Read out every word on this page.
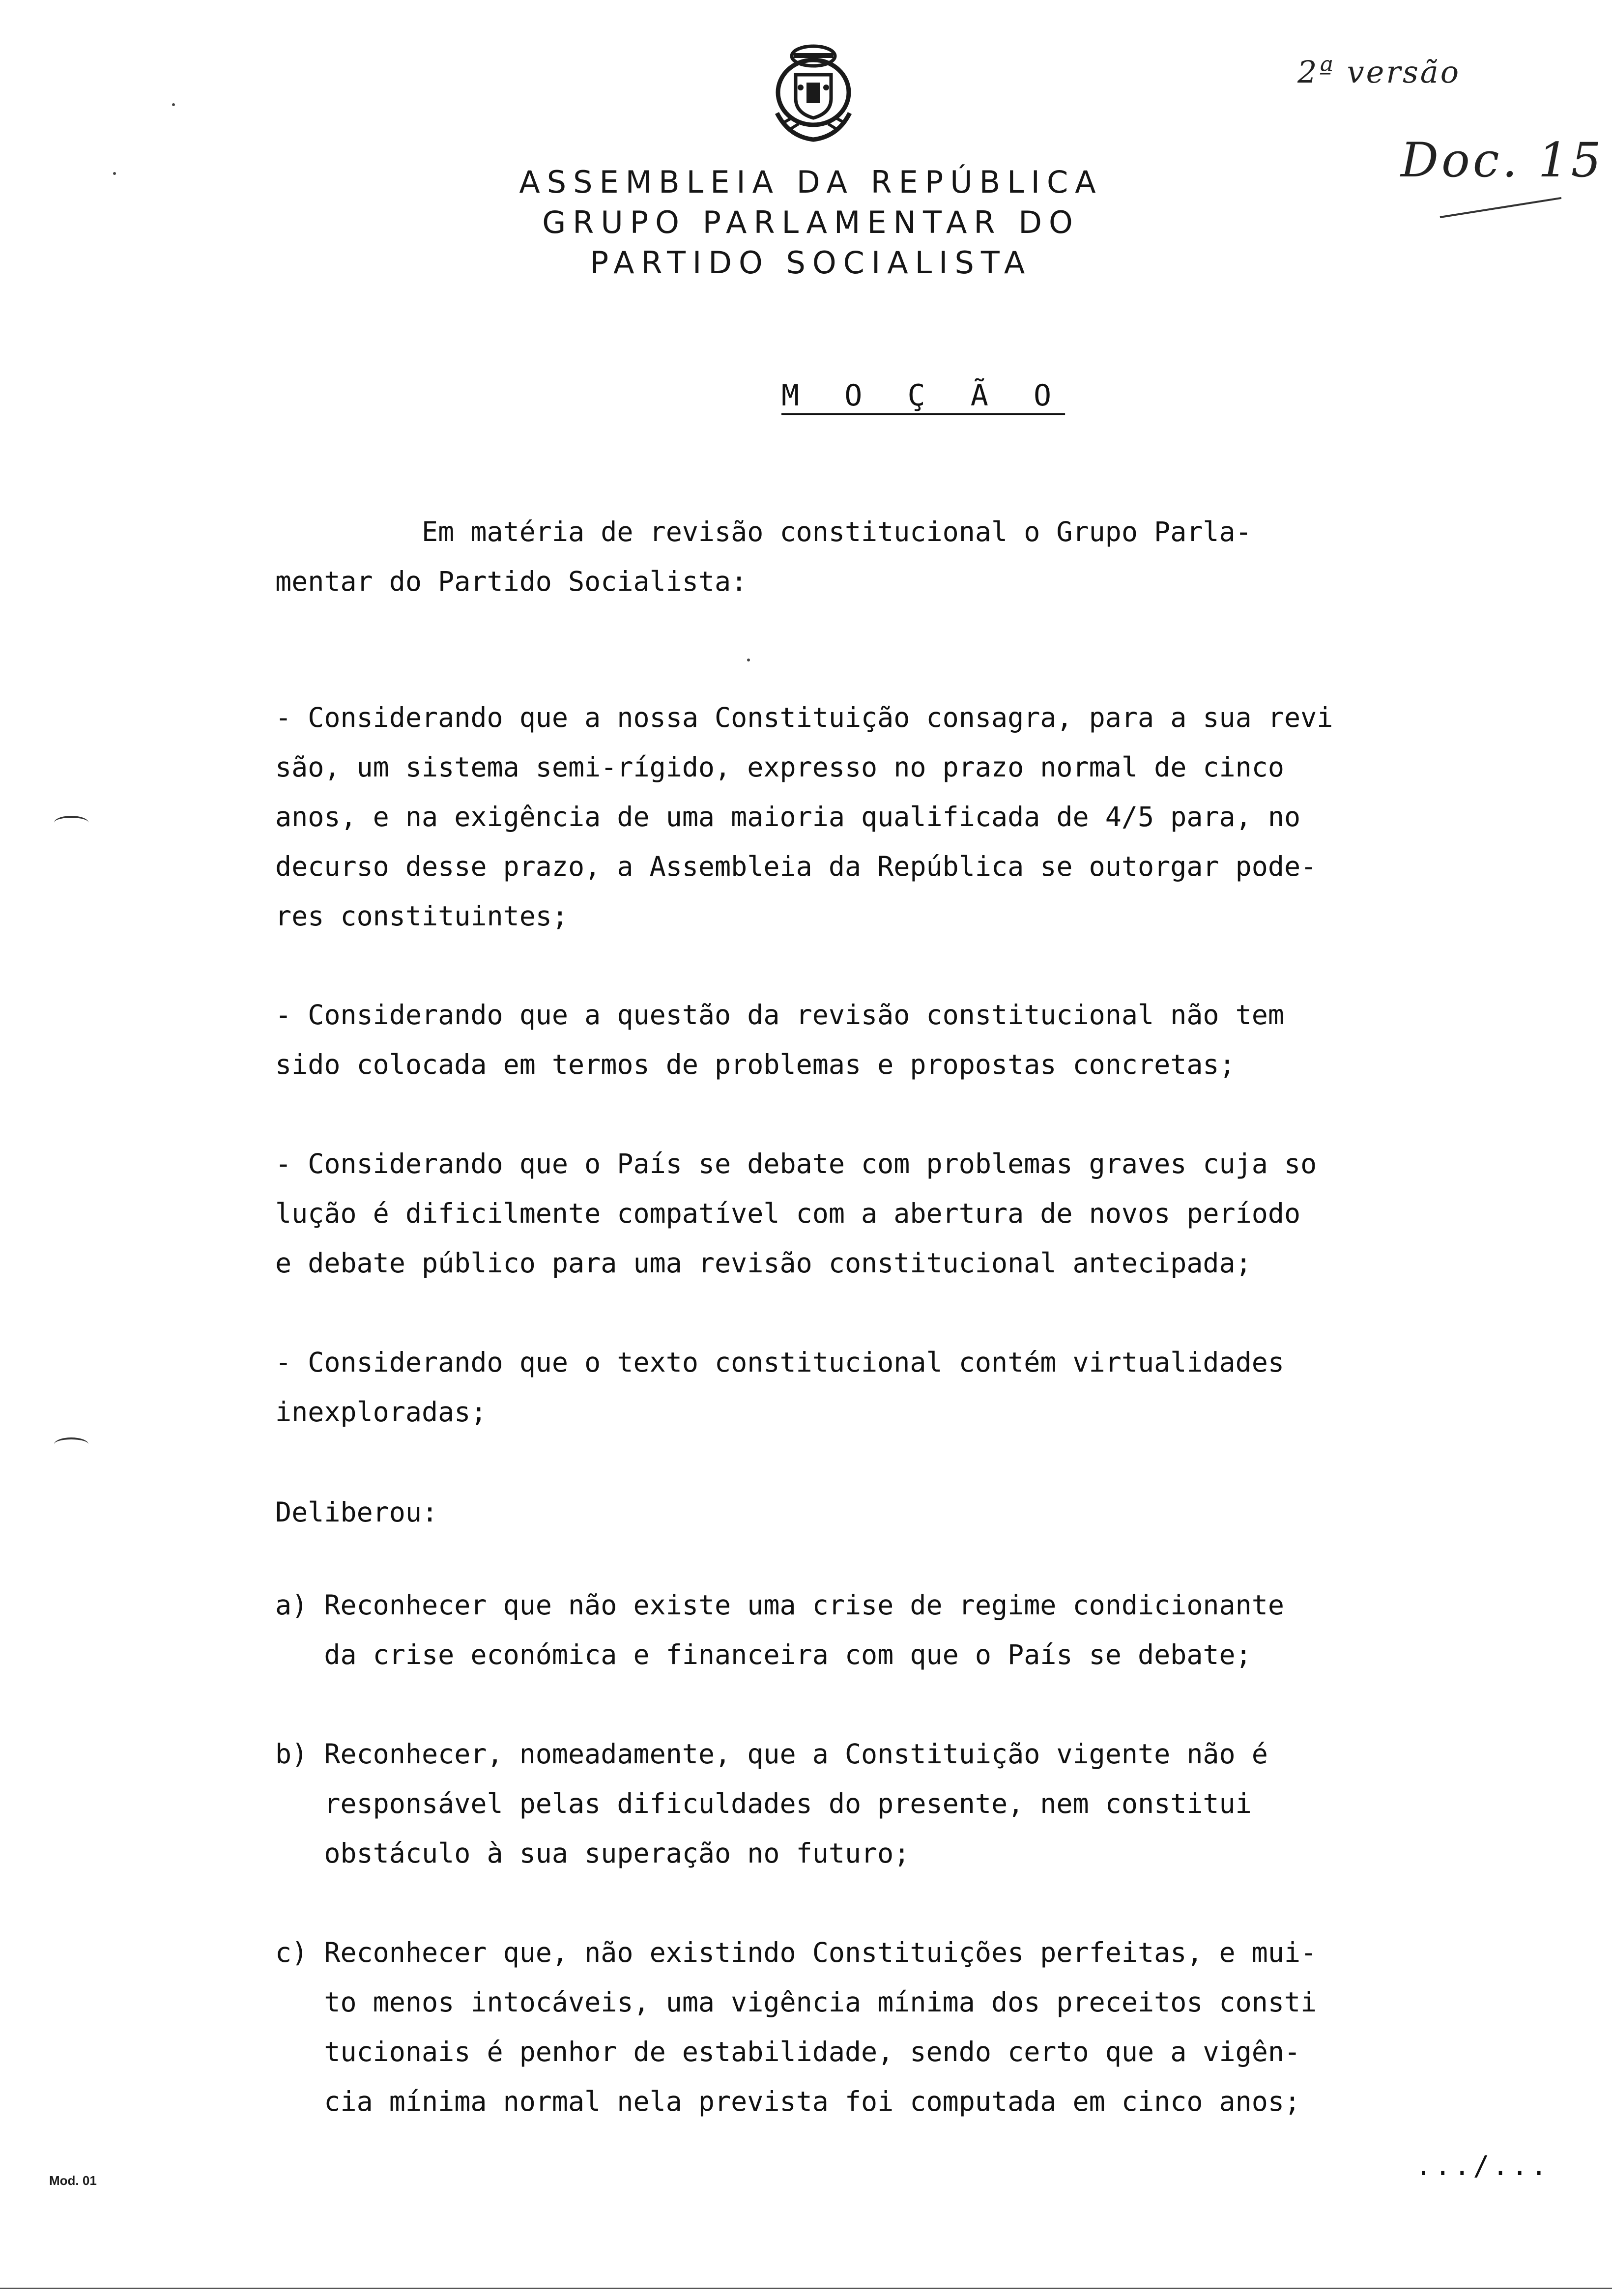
ASSEMBLEIA DA REPÚBLICA
GRUPO PARLAMENTAR DO
PARTIDO SOCIALISTA
2ª versão
Doc. 15
M O Ç Ã O
Em matéria de revisão constitucional o Grupo Parla-
mentar do Partido Socialista:
- Considerando que a nossa Constituição consagra, para a sua revi
são, um sistema semi-rígido, expresso no prazo normal de cinco
anos, e na exigência de uma maioria qualificada de 4/5 para, no
decurso desse prazo, a Assembleia da República se outorgar pode-
res constituintes;
- Considerando que a questão da revisão constitucional não tem
sido colocada em termos de problemas e propostas concretas;
- Considerando que o País se debate com problemas graves cuja so
lução é dificilmente compatível com a abertura de novos período
e debate público para uma revisão constitucional antecipada;
- Considerando que o texto constitucional contém virtualidades
inexploradas;
Deliberou:
a) Reconhecer que não existe uma crise de regime condicionante
da crise económica e financeira com que o País se debate;
b) Reconhecer, nomeadamente, que a Constituição vigente não é
responsável pelas dificuldades do presente, nem constitui
obstáculo à sua superação no futuro;
c) Reconhecer que, não existindo Constituições perfeitas, e mui-
to menos intocáveis, uma vigência mínima dos preceitos consti
tucionais é penhor de estabilidade, sendo certo que a vigên-
cia mínima normal nela prevista foi computada em cinco anos;
.../...
Mod. 01
